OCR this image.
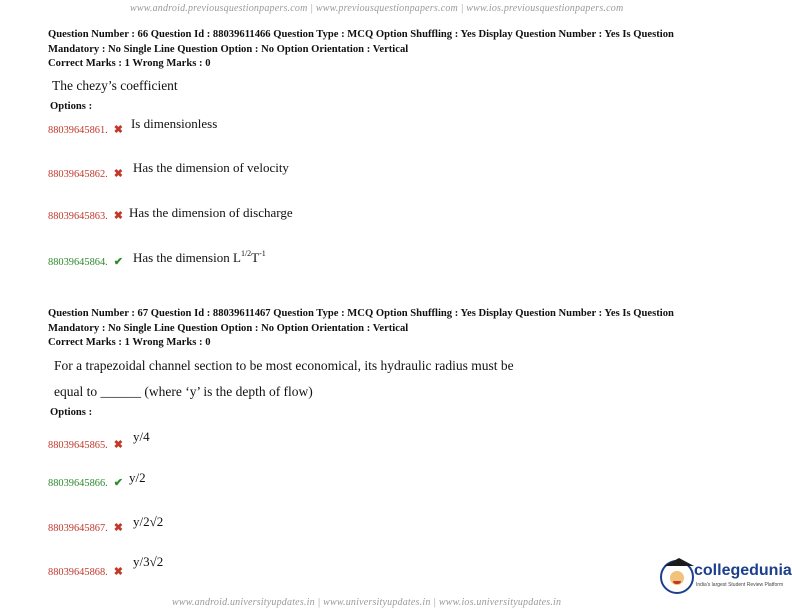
www.android.previousquestionpapers.com | www.previousquestionpapers.com | www.ios.previousquestionpapers.com
Question Number : 66 Question Id : 88039611466 Question Type : MCQ Option Shuffling : Yes Display Question Number : Yes Is Question
Mandatory : No Single Line Question Option : No Option Orientation : Vertical
Correct Marks : 1 Wrong Marks : 0
The chezy’s coefficient
Options :
88039645861. ✖ $^{Is dimensionless}$
88039645862. ✖ $^{Has the dimension of velocity}$
88039645863. ✖ Has the dimension of discharge
88039645864. ✔ Has the dimension $L^{1/2}T^{-1}$
Question Number : 67 Question Id : 88039611467 Question Type : MCQ Option Shuffling : Yes Display Question Number : Yes Is Question
Mandatory : No Single Line Question Option : No Option Orientation : Vertical
Correct Marks : 1 Wrong Marks : 0
For a trapezoidal channel section to be most economical, its hydraulic radius must be
equal to ______ (where ‘y’ is the depth of flow)
Options :
88039645865. ✖ $^{y/4}$
88039645866. ✔ $^{y/2}$
88039645867. ✖ $^{y/2√2}$
88039645868. ✖ $^{y/3√2}$
collegedunia
India's largest Student Review Platform
www.android.universityupdates.in | www.universityupdates.in | www.ios.universityupdates.in
